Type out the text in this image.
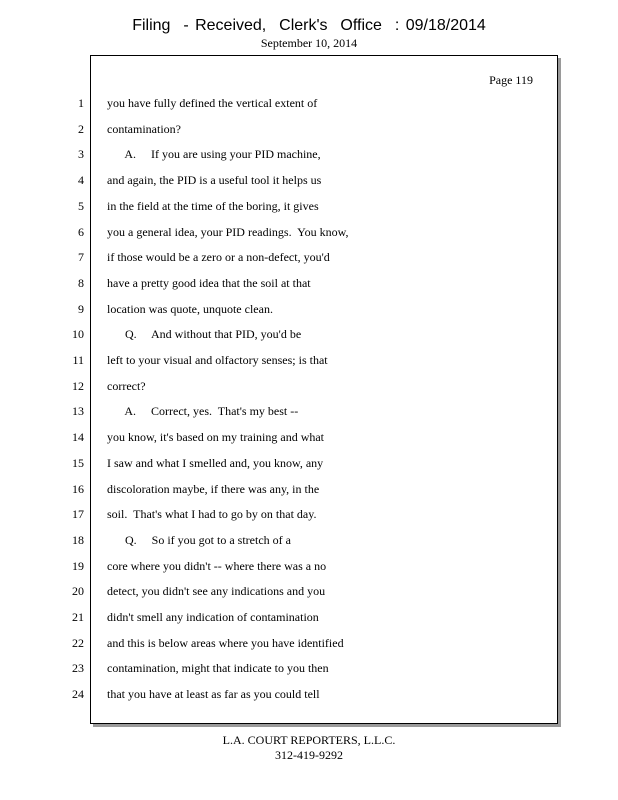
Filing  - Received,  Clerk's  Office  : 09/18/2014
September 10, 2014
Page 119
1 you have fully defined the vertical extent of
2 contamination?
3 A.     If you are using your PID machine,
4 and again, the PID is a useful tool it helps us
5 in the field at the time of the boring, it gives
6 you a general idea, your PID readings.  You know,
7 if those would be a zero or a non-defect, you'd
8 have a pretty good idea that the soil at that
9 location was quote, unquote clean.
10 Q.     And without that PID, you'd be
11 left to your visual and olfactory senses; is that
12 correct?
13 A.     Correct, yes.  That's my best --
14 you know, it's based on my training and what
15 I saw and what I smelled and, you know, any
16 discoloration maybe, if there was any, in the
17 soil.  That's what I had to go by on that day.
18 Q.     So if you got to a stretch of a
19 core where you didn't -- where there was a no
20 detect, you didn't see any indications and you
21 didn't smell any indication of contamination
22 and this is below areas where you have identified
23 contamination, might that indicate to you then
24 that you have at least as far as you could tell
L.A. COURT REPORTERS, L.L.C.
312-419-9292
